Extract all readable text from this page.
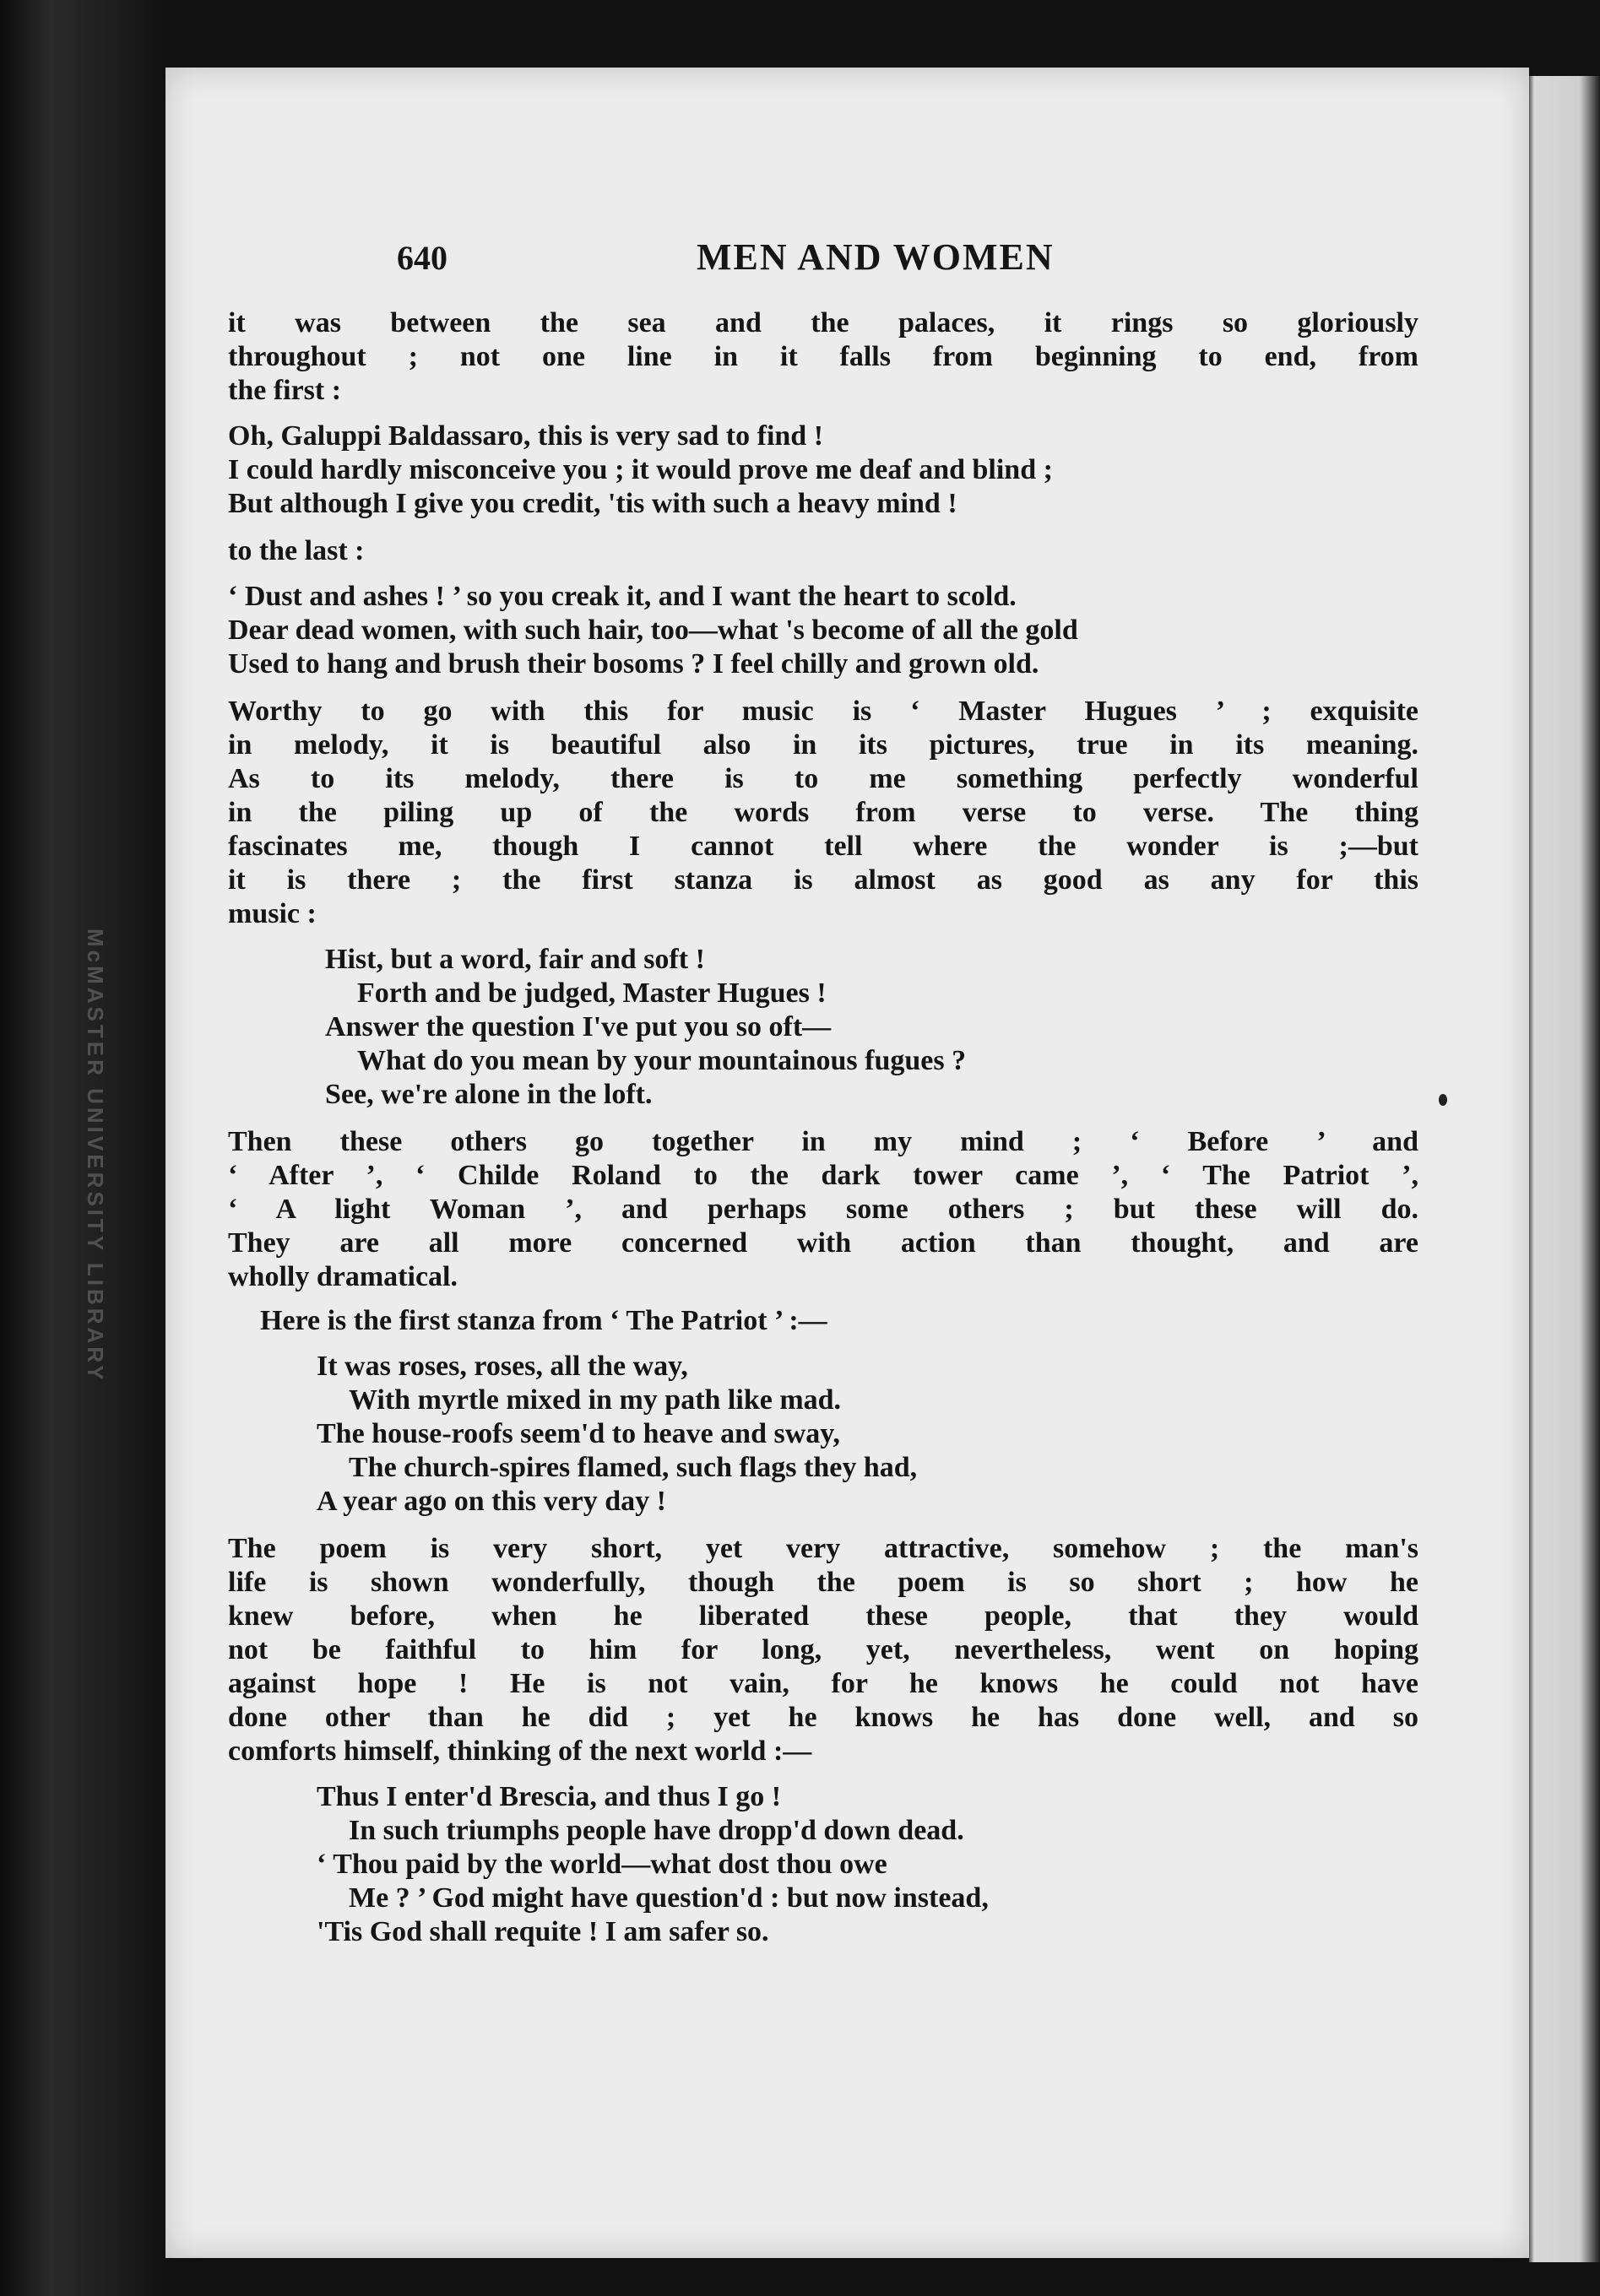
McMASTER UNIVERSITY LIBRARY
640	MEN AND WOMEN
it was between the sea and the palaces, it rings so gloriously
throughout ; not one line in it falls from beginning to end, from
the first :
Oh, Galuppi Baldassaro, this is very sad to find !
I could hardly misconceive you ; it would prove me deaf and blind ;
But although I give you credit, 'tis with such a heavy mind !
to the last :
‘ Dust and ashes ! ’ so you creak it, and I want the heart to scold.
Dear dead women, with such hair, too—what 's become of all the gold
Used to hang and brush their bosoms ? I feel chilly and grown old.
Worthy to go with this for music is ‘ Master Hugues ’ ; exquisite
in melody, it is beautiful also in its pictures, true in its meaning.
As to its melody, there is to me something perfectly wonderful
in the piling up of the words from verse to verse. The thing
fascinates me, though I cannot tell where the wonder is ;—but
it is there ; the first stanza is almost as good as any for this
music :
Hist, but a word, fair and soft !
Forth and be judged, Master Hugues !
Answer the question I've put you so oft—
What do you mean by your mountainous fugues ?
See, we're alone in the loft.
Then these others go together in my mind ; ‘ Before ’ and
‘ After ’, ‘ Childe Roland to the dark tower came ’, ‘ The Patriot ’,
‘ A light Woman ’, and perhaps some others ; but these will do.
They are all more concerned with action than thought, and are
wholly dramatical.
Here is the first stanza from ‘ The Patriot ’ :—
It was roses, roses, all the way,
With myrtle mixed in my path like mad.
The house-roofs seem'd to heave and sway,
The church-spires flamed, such flags they had,
A year ago on this very day !
The poem is very short, yet very attractive, somehow ; the man's
life is shown wonderfully, though the poem is so short ; how he
knew before, when he liberated these people, that they would
not be faithful to him for long, yet, nevertheless, went on hoping
against hope ! He is not vain, for he knows he could not have
done other than he did ; yet he knows he has done well, and so
comforts himself, thinking of the next world :—
Thus I enter'd Brescia, and thus I go !
In such triumphs people have dropp'd down dead.
‘ Thou paid by the world—what dost thou owe
Me ? ’ God might have question'd : but now instead,
'Tis God shall requite ! I am safer so.
